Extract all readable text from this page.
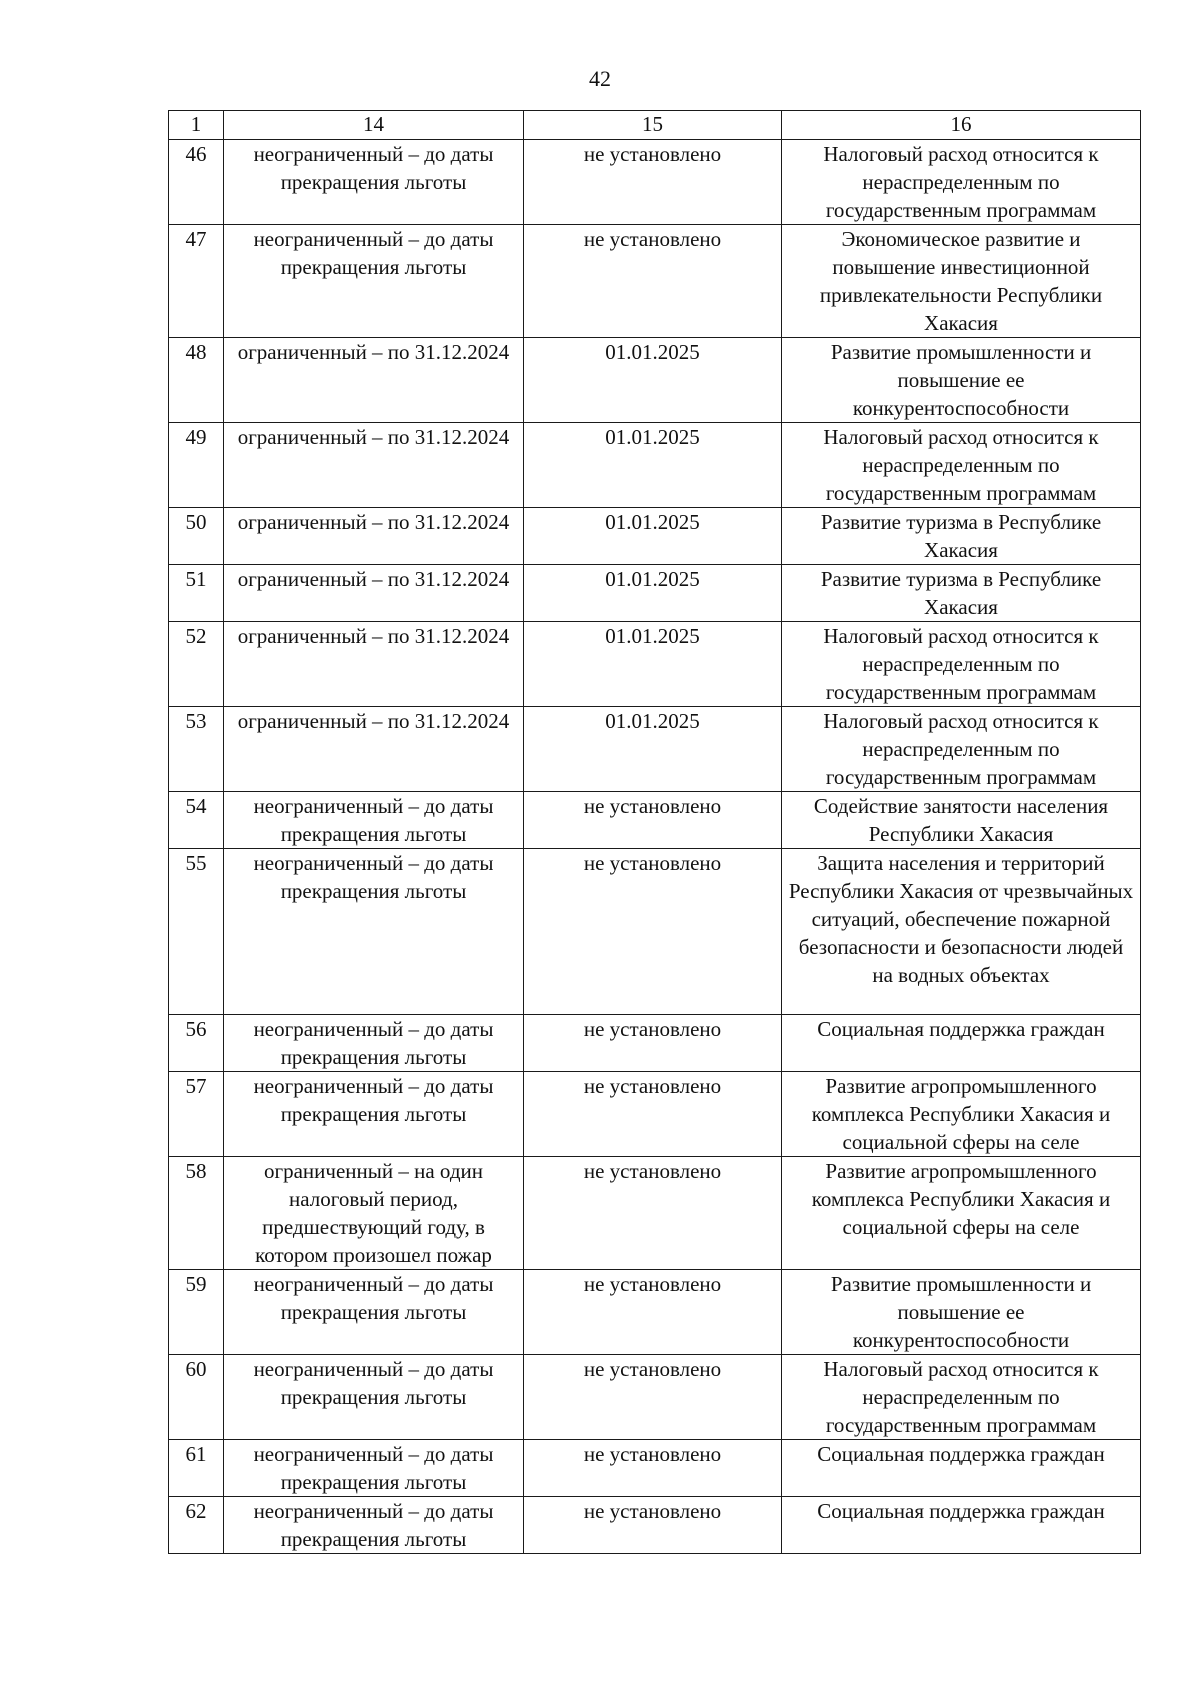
42
1	14	15	16
46	неограниченный – до даты прекращения льготы	не установлено	Налоговый расход относится к нераспределенным по государственным программам
47	неограниченный – до даты прекращения льготы	не установлено	Экономическое развитие и повышение инвестиционной привлекательности Республики Хакасия
48	ограниченный – по 31.12.2024	01.01.2025	Развитие промышленности и повышение ее конкурентоспособности
49	ограниченный – по 31.12.2024	01.01.2025	Налоговый расход относится к нераспределенным по государственным программам
50	ограниченный – по 31.12.2024	01.01.2025	Развитие туризма в Республике Хакасия
51	ограниченный – по 31.12.2024	01.01.2025	Развитие туризма в Республике Хакасия
52	ограниченный – по 31.12.2024	01.01.2025	Налоговый расход относится к нераспределенным по государственным программам
53	ограниченный – по 31.12.2024	01.01.2025	Налоговый расход относится к нераспределенным по государственным программам
54	неограниченный – до даты прекращения льготы	не установлено	Содействие занятости населения Республики Хакасия
55	неограниченный – до даты прекращения льготы	не установлено	Защита населения и территорий Республики Хакасия от чрезвычайных ситуаций, обеспечение пожарной безопасности и безопасности людей на водных объектах
56	неограниченный – до даты прекращения льготы	не установлено	Социальная поддержка граждан
57	неограниченный – до даты прекращения льготы	не установлено	Развитие агропромышленного комплекса Республики Хакасия и социальной сферы на селе
58	ограниченный – на один налоговый период, предшествующий году, в котором произошел пожар	не установлено	Развитие агропромышленного комплекса Республики Хакасия и социальной сферы на селе
59	неограниченный – до даты прекращения льготы	не установлено	Развитие промышленности и повышение ее конкурентоспособности
60	неограниченный – до даты прекращения льготы	не установлено	Налоговый расход относится к нераспределенным по государственным программам
61	неограниченный – до даты прекращения льготы	не установлено	Социальная поддержка граждан
62	неограниченный – до даты прекращения льготы	не установлено	Социальная поддержка граждан
